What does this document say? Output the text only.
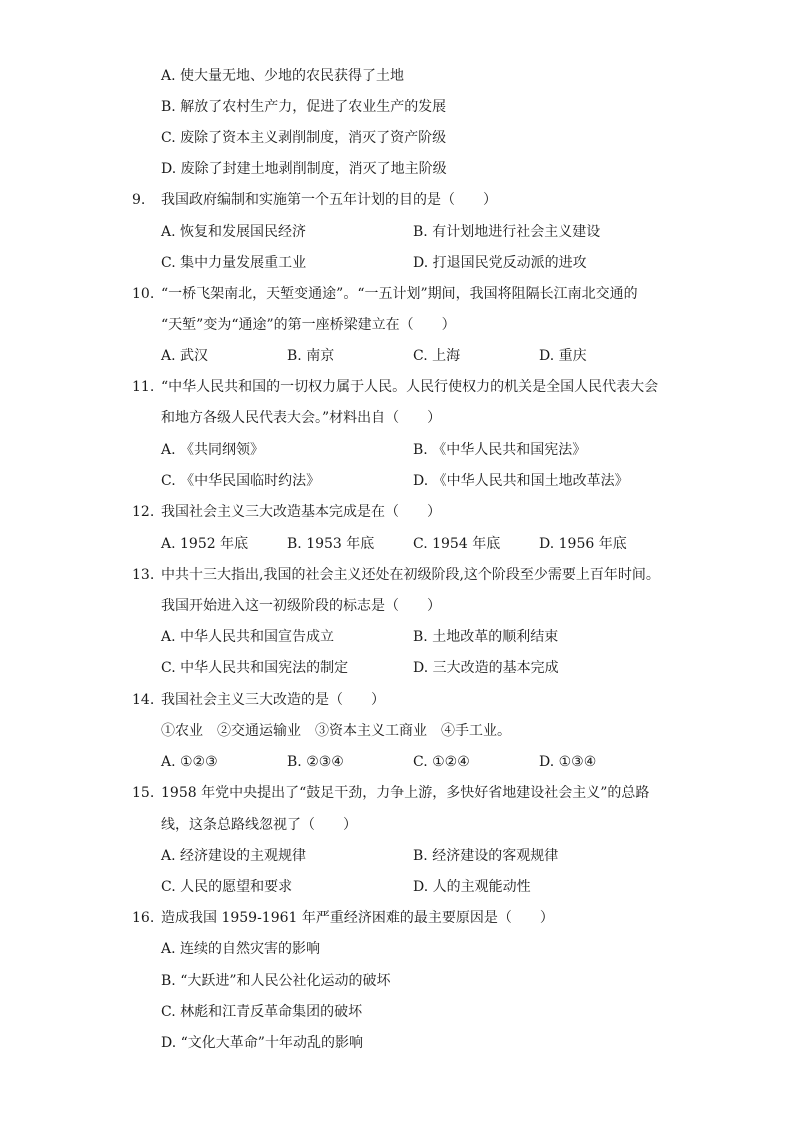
A. 使大量无地、少地的农民获得了土地
B. 解放了农村生产力，促进了农业生产的发展
C. 废除了资本主义剥削制度，消灭了资产阶级
D. 废除了封建土地剥削制度，消灭了地主阶级
9.	我国政府编制和实施第一个五年计划的目的是（　　）
A. 恢复和发展国民经济	B. 有计划地进行社会主义建设
C. 集中力量发展重工业	D. 打退国民党反动派的进攻
10. “一桥飞架南北，天堑变通途”。“一五计划”期间，我国将阻隔长江南北交通的
“天堑”变为“通途”的第一座桥梁建立在（　　）
A. 武汉	B. 南京	C. 上海	D. 重庆
11. “中华人民共和国的一切权力属于人民。人民行使权力的机关是全国人民代表大会
和地方各级人民代表大会。”材料出自（　　）
A. 《共同纲领》	B. 《中华人民共和国宪法》
C. 《中华民国临时约法》	D. 《中华人民共和国土地改革法》
12. 我国社会主义三大改造基本完成是在（　　）
A. 1952 年底	B. 1953 年底	C. 1954 年底	D. 1956 年底
13. 中共十三大指出,我国的社会主义还处在初级阶段,这个阶段至少需要上百年时间。
我国开始进入这一初级阶段的标志是（　　）
A. 中华人民共和国宣告成立	B. 土地改革的顺利结束
C. 中华人民共和国宪法的制定	D. 三大改造的基本完成
14. 我国社会主义三大改造的是（　　）
①农业　②交通运输业　③资本主义工商业　④手工业。
A. ①②③	B. ②③④	C. ①②④	D. ①③④
15. 1958 年党中央提出了“鼓足干劲，力争上游，多快好省地建设社会主义”的总路
线，这条总路线忽视了（　　）
A. 经济建设的主观规律	B. 经济建设的客观规律
C. 人民的愿望和要求	D. 人的主观能动性
16. 造成我国 1959-1961 年严重经济困难的最主要原因是（　　）
A. 连续的自然灾害的影响
B. “大跃进”和人民公社化运动的破坏
C. 林彪和江青反革命集团的破坏
D. “文化大革命”十年动乱的影响
